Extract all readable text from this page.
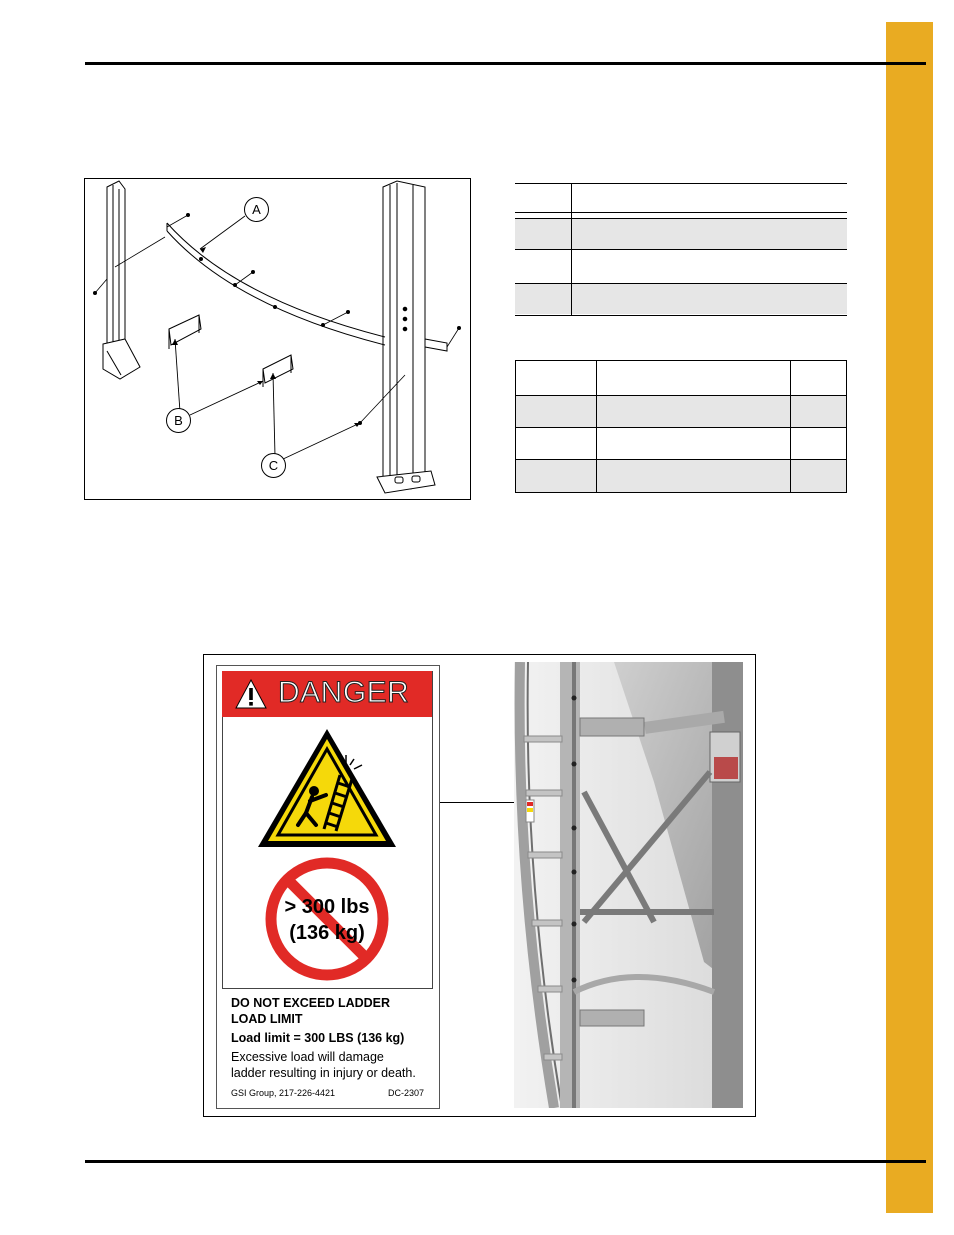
A
B
C
DANGER
> 300 lbs
(136 kg)
DO NOT EXCEED LADDER
LOAD LIMIT
Load limit = 300 LBS (136 kg)
Excessive load will damage
ladder resulting in injury or death.
GSI Group, 217-226-4421	DC-2307
